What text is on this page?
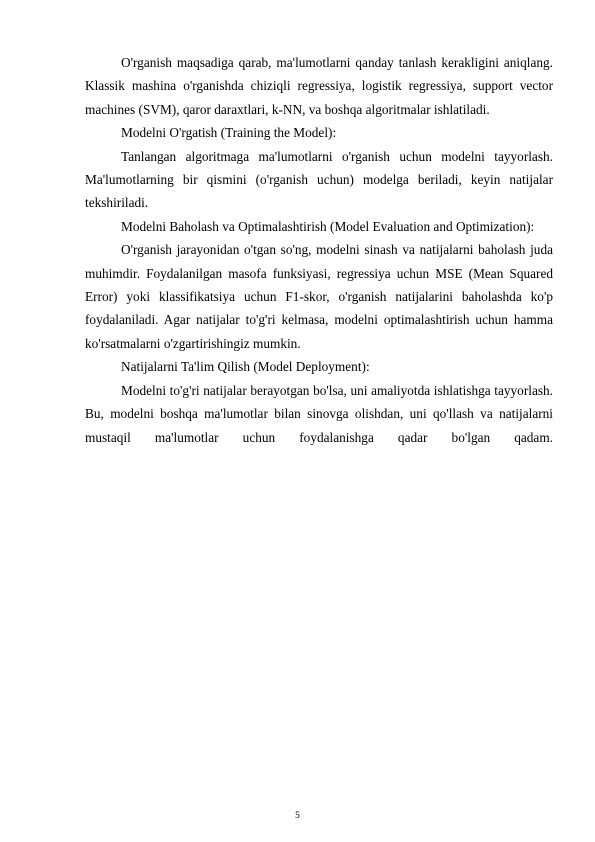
O'rganish maqsadiga qarab, ma'lumotlarni qanday tanlash kerakligini aniqlang. Klassik mashina o'rganishda chiziqli regressiya, logistik regressiya, support vector machines (SVM), qaror daraxtlari, k-NN, va boshqa algoritmalar ishlatiladi.

Modelni O'rgatish (Training the Model):

Tanlangan algoritmaga ma'lumotlarni o'rganish uchun modelni tayyorlash. Ma'lumotlarning bir qismini (o'rganish uchun) modelga beriladi, keyin natijalar tekshiriladi.

Modelni Baholash va Optimalashtirish (Model Evaluation and Optimization):

O'rganish jarayonidan o'tgan so'ng, modelni sinash va natijalarni baholash juda muhimdir. Foydalanilgan masofa funksiyasi, regressiya uchun MSE (Mean Squared Error) yoki klassifikatsiya uchun F1-skor, o'rganish natijalarini baholashda ko'p foydalaniladi. Agar natijalar to'g'ri kelmasa, modelni optimalashtirish uchun hamma ko'rsatmalarni o'zgartirishingiz mumkin.

Natijalarni Ta'lim Qilish (Model Deployment):

Modelni to'g'ri natijalar berayotgan bo'lsa, uni amaliyotda ishlatishga tayyorlash. Bu, modelni boshqa ma'lumotlar bilan sinovga olishdan, uni qo'llash va natijalarni mustaqil ma'lumotlar uchun foydalanishga qadar bo'lgan qadam.

5
